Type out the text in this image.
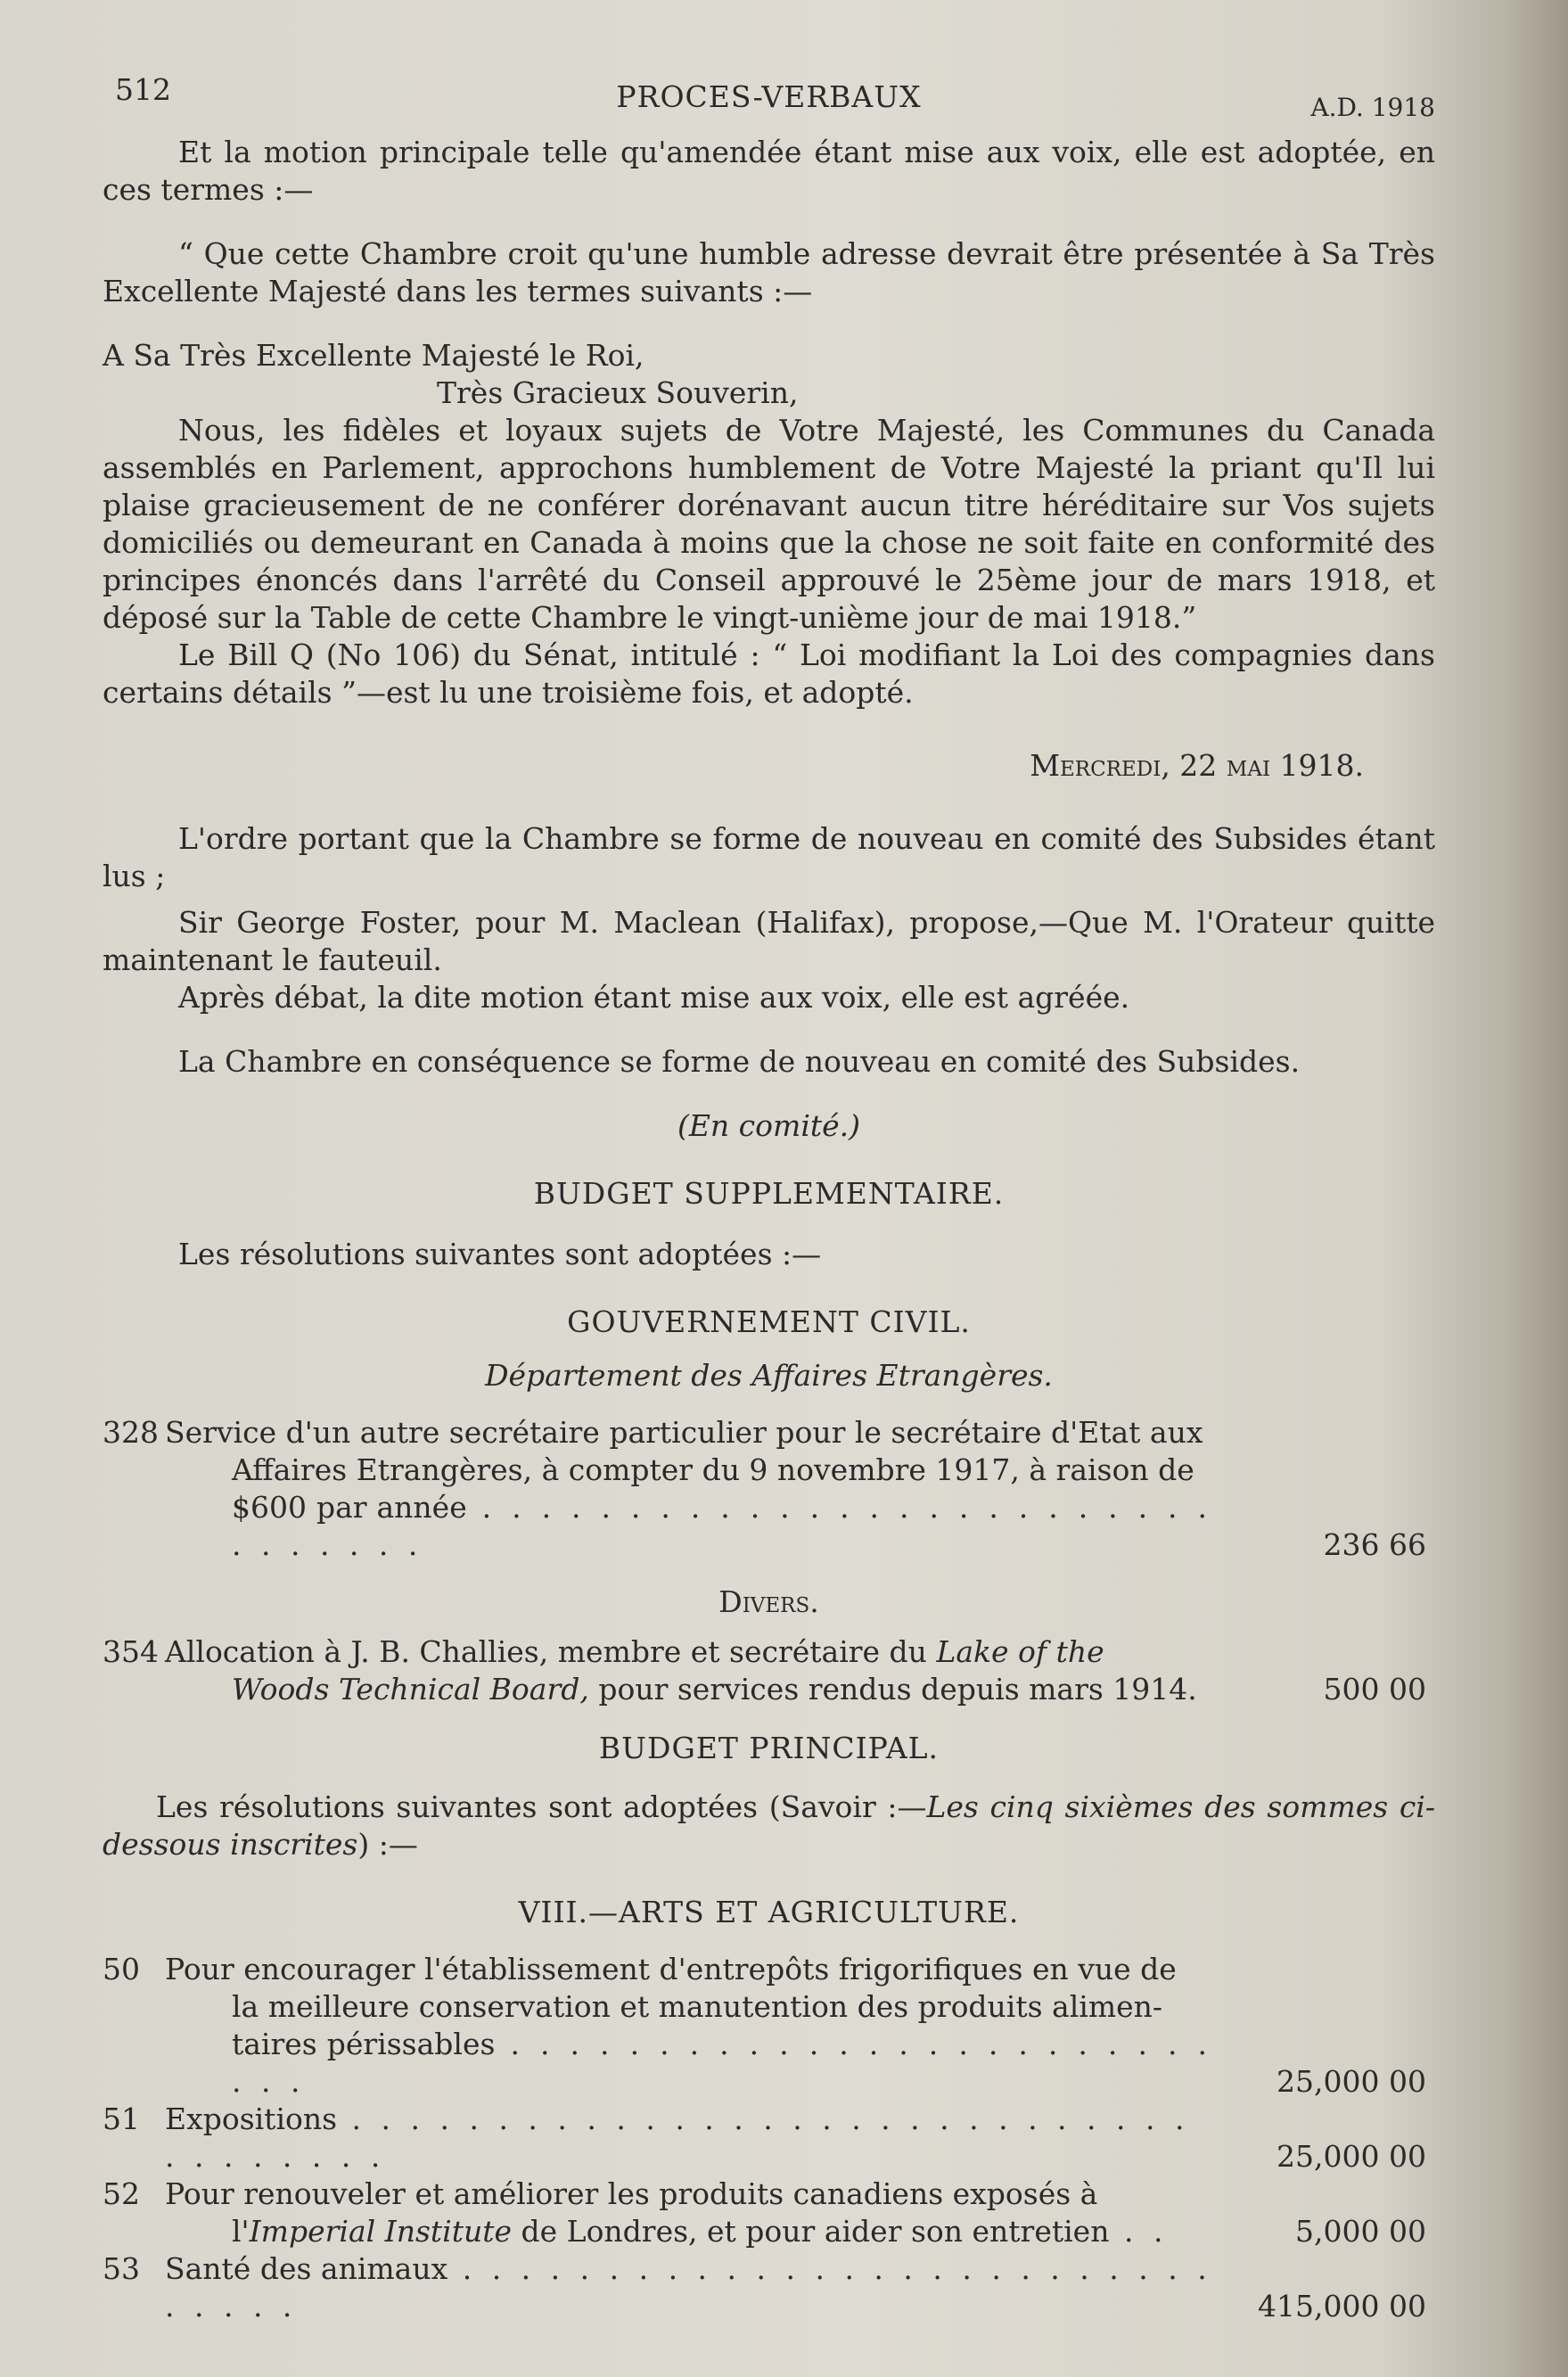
512	PROCES-VERBAUX	A.D. 1918

Et la motion principale telle qu'amendée étant mise aux voix, elle est adoptée, en ces termes :—

“ Que cette Chambre croit qu'une humble adresse devrait être présentée à Sa Très Excellente Majesté dans les termes suivants :—

A Sa Très Excellente Majesté le Roi,

Très Gracieux Souverin,

Nous, les fidèles et loyaux sujets de Votre Majesté, les Communes du Canada assemblés en Parlement, approchons humblement de Votre Majesté la priant qu'Il lui plaise gracieusement de ne conférer dorénavant aucun titre héréditaire sur Vos sujets domiciliés ou demeurant en Canada à moins que la chose ne soit faite en conformité des principes énoncés dans l'arrêté du Conseil approuvé le 25ème jour de mars 1918, et déposé sur la Table de cette Chambre le vingt-unième jour de mai 1918.”

Le Bill Q (No 106) du Sénat, intitulé : “ Loi modifiant la Loi des compagnies dans certains détails ”—est lu une troisième fois, et adopté.

Mercredi, 22 mai 1918.

L'ordre portant que la Chambre se forme de nouveau en comité des Subsides étant lus ;

Sir George Foster, pour M. Maclean (Halifax), propose,—Que M. l'Orateur quitte maintenant le fauteuil.

Après débat, la dite motion étant mise aux voix, elle est agréée.

La Chambre en conséquence se forme de nouveau en comité des Subsides.

(En comité.)

BUDGET SUPPLEMENTAIRE.

Les résolutions suivantes sont adoptées :—

GOUVERNEMENT CIVIL.

Département des Affaires Etrangères.

328 Service d'un autre secrétaire particulier pour le secrétaire d'Etat aux
Affaires Etrangères, à compter du 9 novembre 1917, à raison de
$600 par année . . . . . . . . . . . . . . . . . . . . . . . . . . . . . . . .	236 66

Divers.

354 Allocation à J. B. Challies, membre et secrétaire du Lake of the
Woods Technical Board, pour services rendus depuis mars 1914.	500 00

BUDGET PRINCIPAL.

Les résolutions suivantes sont adoptées (Savoir :—Les cinq sixièmes des sommes ci-dessous inscrites) :—

VIII.—ARTS ET AGRICULTURE.

50 Pour encourager l'établissement d'entrepôts frigorifiques en vue de
la meilleure conservation et manutention des produits alimen-
taires périssables . . . . . . . . . . . . . . . . . . . . . . . . . . .	25,000 00
51 Expositions . . . . . . . . . . . . . . . . . . . . . . . . . . . . . . . . . . . . .	25,000 00
52 Pour renouveler et améliorer les produits canadiens exposés à
l'Imperial Institute de Londres, et pour aider son entretien . .	5,000 00
53 Santé des animaux . . . . . . . . . . . . . . . . . . . . . . . . . . . . . . .	415,000 00
